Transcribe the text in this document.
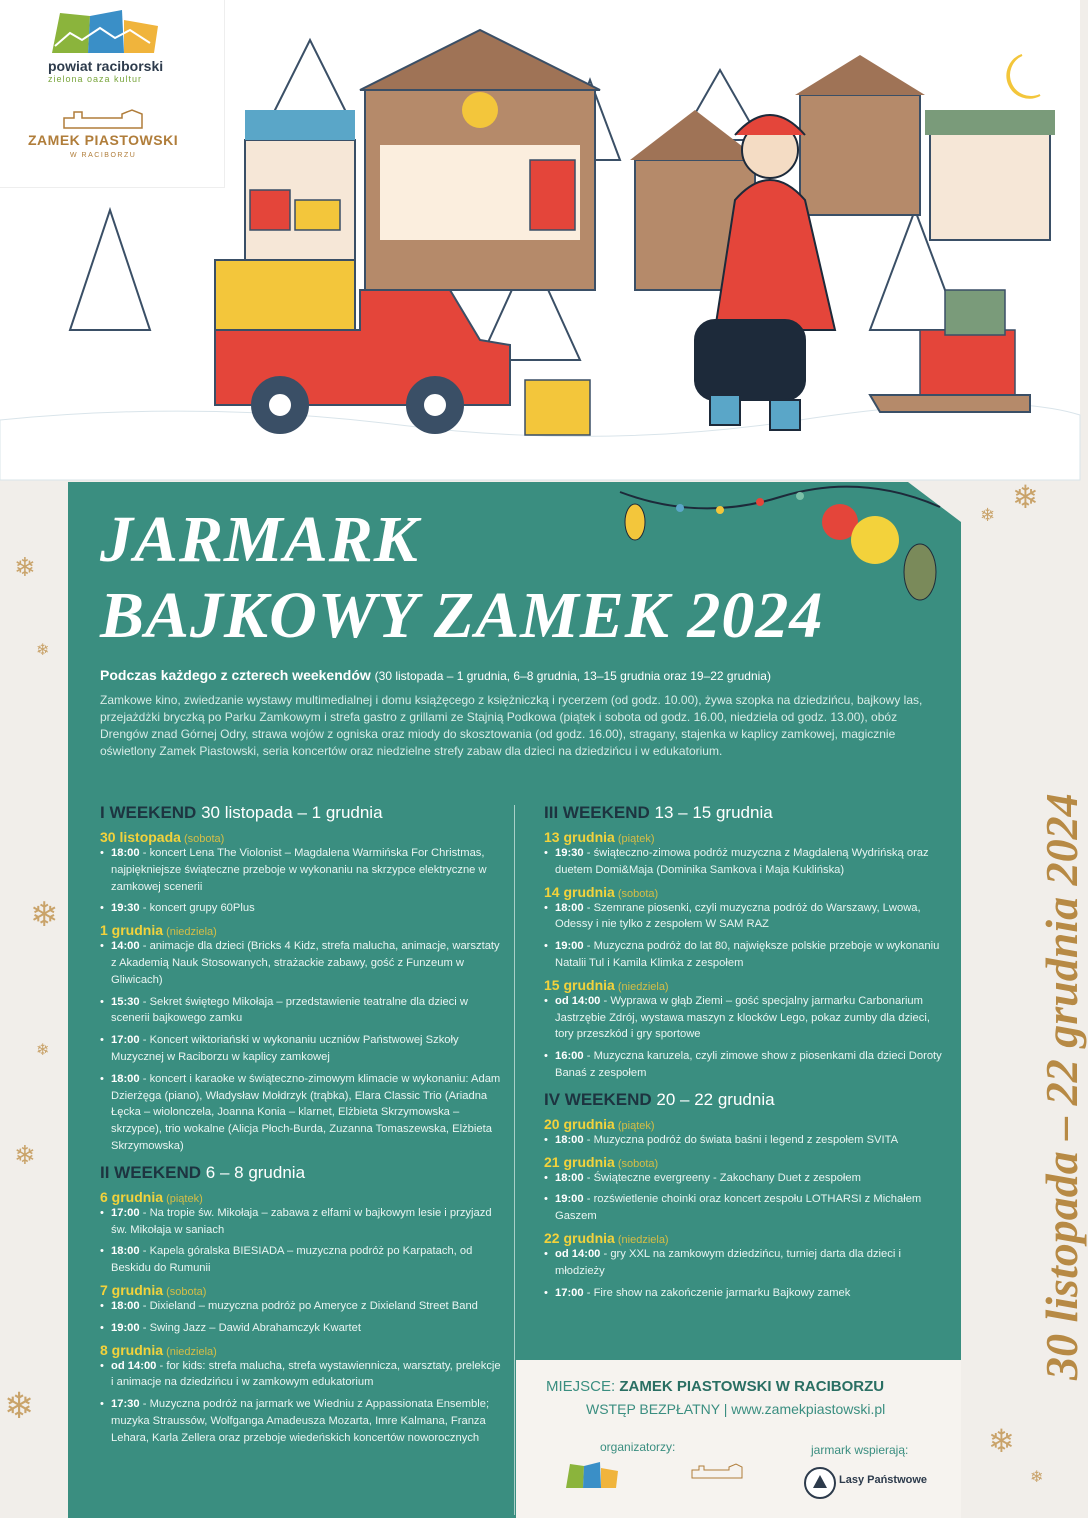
powiat raciborski
zielona oaza kultur
ZAMEK PIASTOWSKI
W RACIBORZU
JARMARK
BAJKOWY ZAMEK 2024
Podczas każdego z czterech weekendów (30 listopada – 1 grudnia, 6–8 grudnia, 13–15 grudnia oraz 19–22 grudnia)
Zamkowe kino, zwiedzanie wystawy multimedialnej i domu książęcego z księżniczką i rycerzem (od godz. 10.00), żywa szopka na dziedzińcu, bajkowy las, przejażdżki bryczką po Parku Zamkowym i strefa gastro z grillami ze Stajnią Podkowa (piątek i sobota od godz. 16.00, niedziela od godz. 13.00), obóz Drengów znad Górnej Odry, strawa wojów z ogniska oraz miody do skosztowania (od godz. 16.00), stragany, stajenka w kaplicy zamkowej, magicznie oświetlony Zamek Piastowski, seria koncertów oraz niedzielne strefy zabaw dla dzieci na dziedzińcu i w edukatorium.
I WEEKEND 30 listopada – 1 grudnia
30 listopada (sobota)
• 18:00 - koncert Lena The Violonist – Magdalena Warmińska For Christmas, najpiękniejsze świąteczne przeboje w wykonaniu na skrzypce elektryczne w zamkowej scenerii
• 19:30 - koncert grupy 60Plus
1 grudnia (niedziela)
• 14:00 - animacje dla dzieci (Bricks 4 Kidz, strefa malucha, animacje, warsztaty z Akademią Nauk Stosowanych, strażackie zabawy, gość z Funzeum w Gliwicach)
• 15:30 - Sekret świętego Mikołaja – przedstawienie teatralne dla dzieci w scenerii bajkowego zamku
• 17:00 - Koncert wiktoriański w wykonaniu uczniów Państwowej Szkoły Muzycznej w Raciborzu w kaplicy zamkowej
• 18:00 - koncert i karaoke w świąteczno-zimowym klimacie w wykonaniu: Adam Dzierżęga (piano), Władysław Mołdrzyk (trąbka), Elara Classic Trio (Ariadna Łęcka – wiolonczela, Joanna Konia – klarnet, Elżbieta Skrzymowska – skrzypce), trio wokalne (Alicja Płoch-Burda, Zuzanna Tomaszewska, Elżbieta Skrzymowska)
II WEEKEND 6 – 8 grudnia
6 grudnia (piątek)
• 17:00 - Na tropie św. Mikołaja – zabawa z elfami w bajkowym lesie i przyjazd św. Mikołaja w saniach
• 18:00 - Kapela góralska BIESIADA – muzyczna podróż po Karpatach, od Beskidu do Rumunii
7 grudnia (sobota)
• 18:00 - Dixieland – muzyczna podróż po Ameryce z Dixieland Street Band
• 19:00 - Swing Jazz – Dawid Abrahamczyk Kwartet
8 grudnia (niedziela)
• od 14:00 - for kids: strefa malucha, strefa wystawiennicza, warsztaty, prelekcje i animacje na dziedzińcu i w zamkowym edukatorium
• 17:30 - Muzyczna podróż na jarmark we Wiedniu z Appassionata Ensemble; muzyka Straussów, Wolfganga Amadeusza Mozarta, Imre Kalmana, Franza Lehara, Karla Zellera oraz przeboje wiedeńskich koncertów noworocznych
III WEEKEND 13 – 15 grudnia
13 grudnia (piątek)
• 19:30 - świąteczno-zimowa podróż muzyczna z Magdaleną Wydrińską oraz duetem Domi&Maja (Dominika Samkova i Maja Kuklińska)
14 grudnia (sobota)
• 18:00 - Szemrane piosenki, czyli muzyczna podróż do Warszawy, Lwowa, Odessy i nie tylko z zespołem W SAM RAZ
• 19:00 - Muzyczna podróż do lat 80, największe polskie przeboje w wykonaniu Natalii Tul i Kamila Klimka z zespołem
15 grudnia (niedziela)
• od 14:00 - Wyprawa w głąb Ziemi – gość specjalny jarmarku Carbonarium Jastrzębie Zdrój, wystawa maszyn z klocków Lego, pokaz zumby dla dzieci, tory przeszkód i gry sportowe
• 16:00 - Muzyczna karuzela, czyli zimowe show z piosenkami dla dzieci Doroty Banaś z zespołem
IV WEEKEND 20 – 22 grudnia
20 grudnia (piątek)
• 18:00 - Muzyczna podróż do świata baśni i legend z zespołem SVITA
21 grudnia (sobota)
• 18:00 - Świąteczne evergreeny - Zakochany Duet z zespołem
• 19:00 - rozświetlenie choinki oraz koncert zespołu LOTHARSI z Michałem Gaszem
22 grudnia (niedziela)
• od 14:00 - gry XXL na zamkowym dziedzińcu, turniej darta dla dzieci i młodzieży
• 17:00 - Fire show na zakończenie jarmarku Bajkowy zamek
MIEJSCE: ZAMEK PIASTOWSKI W RACIBORZU
WSTĘP BEZPŁATNY | www.zamekpiastowski.pl
organizatorzy:	jarmark wspierają:
Lasy Państwowe
30 listopada – 22 grudnia 2024
❄
❄
❄
❄
❄
❄
❄
❄
❄
❄
